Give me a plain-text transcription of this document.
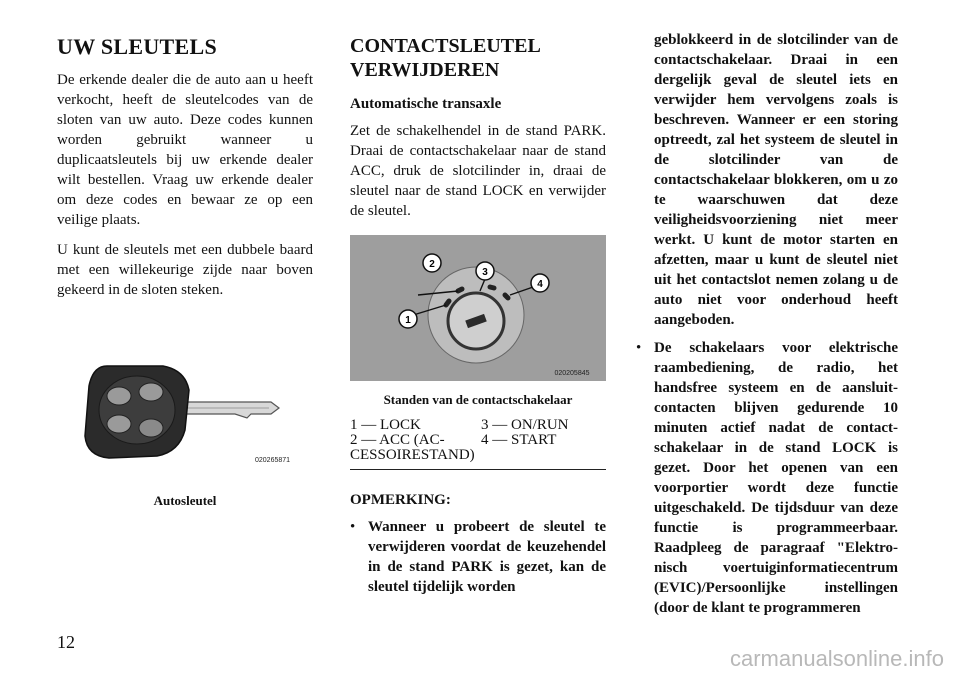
UW SLEUTELS

De erkende dealer die de auto aan u heeft verkocht, heeft de sleutelcodes van de sloten van uw auto. Deze codes kunnen worden gebruikt wanneer u duplicaatsleutels bij uw erkende dealer wilt bestellen. Vraag uw erkende dealer om deze codes en bewaar ze op een veilige plaats.

U kunt de sleutels met een dubbele baard met een willekeurige zijde naar boven gekeerd in de sloten steken.

020265871
Autosleutel
CONTACTSLEUTEL VERWIJDEREN
Automatische transaxle

Zet de schakelhendel in de stand PARK. Draai de contactschakelaar naar de stand ACC, druk de slotcilinder in, draai de sleutel naar de stand LOCK en verwijder de sleutel.

1
2
3
4
020205845
Standen van de contactschakelaar
1 — LOCK	3 — ON/RUN
2 — ACC (ACCESSOIRESTAND)
4 — START
OPMERKING:
• Wanneer u probeert de sleutel te verwijderen voordat de keuzehendel in de stand PARK is gezet, kan de sleutel tijdelijk worden
geblokkeerd in de slotcilinder van de contactschakelaar. Draai in een dergelijk geval de sleutel iets en verwijder hem vervolgens zoals is beschreven. Wanneer er een storing optreedt, zal het systeem de sleutel in de slotcilinder van de contactschakelaar blokkeren, om u zo te waarschuwen dat deze veiligheidsvoorziening niet meer werkt. U kunt de motor starten en afzetten, maar u kunt de sleutel niet uit het contactslot nemen zolang u de auto niet voor onderhoud heeft aangeboden.
• De schakelaars voor elektrische raambediening, de radio, het handsfree systeem en de aansluitcontacten blijven gedurende 10 minuten actief nadat de contactschakelaar in de stand LOCK is gezet. Door het openen van een voorportier wordt deze functie uitgeschakeld. De tijdsduur van deze functie is programmeerbaar. Raadpleeg de paragraaf "Elektronisch voertuiginformatiecentrum (EVIC)/Persoonlijke instellingen (door de klant te programmeren
12
carmanualsonline.info
